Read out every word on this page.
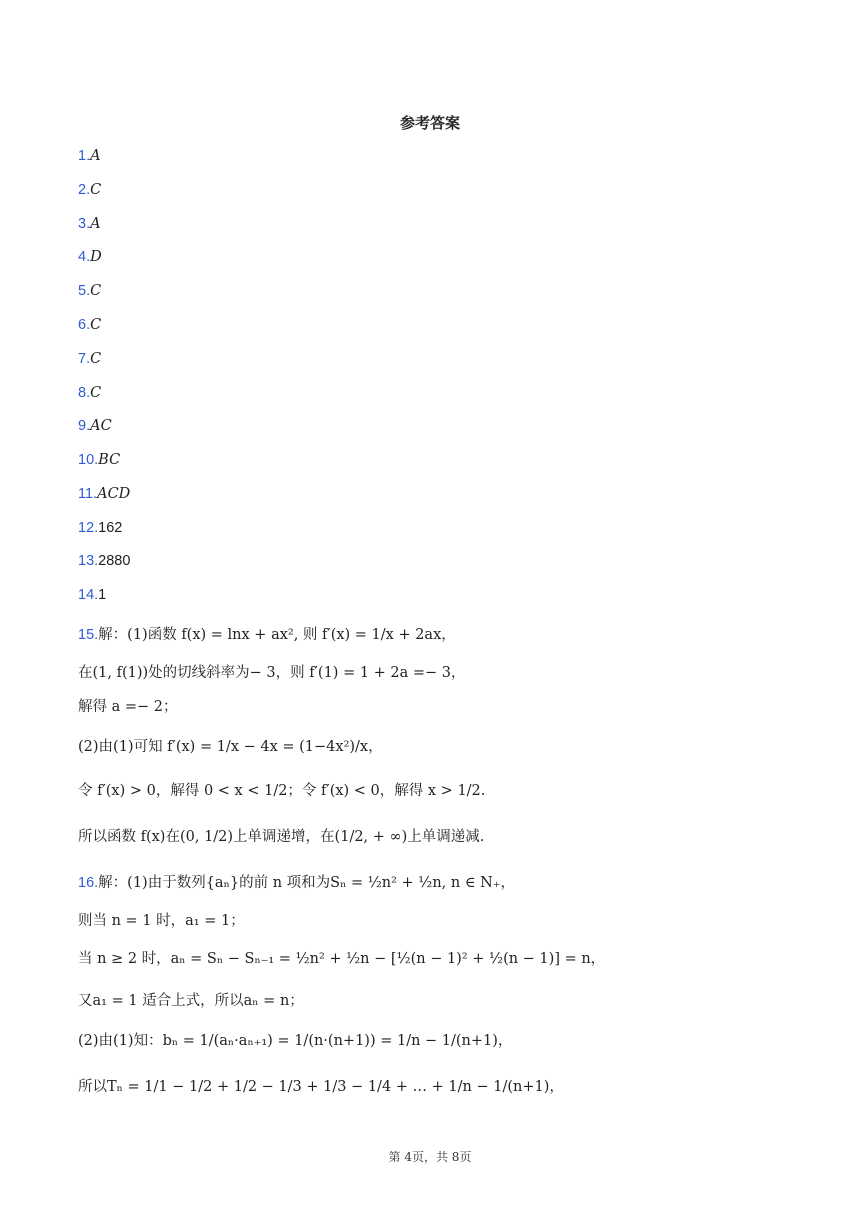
参考答案
1.A
2.C
3.A
4.D
5.C
6.C
7.C
8.C
9.AC
10.BC
11.ACD
12.162
13.2880
14.1
15.解：(1)函数 f(x) = lnx + ax², 则 f′(x) = 1/x + 2ax，
在(1, f(1))处的切线斜率为− 3，则 f′(1) = 1 + 2a =− 3，
解得 a =− 2；
(2)由(1)可知 f′(x) = 1/x − 4x = (1−4x²)/x，
令 f′(x) > 0，解得 0 < x < 1/2；令 f′(x) < 0，解得 x > 1/2.
所以函数 f(x)在(0, 1/2)上单调递增，在(1/2, + ∞)上单调递减.
16.解：(1)由于数列{aₙ}的前 n 项和为Sₙ = ½n² + ½n, n ∈ N₊，
则当 n = 1 时，a₁ = 1；
当 n ≥ 2 时，aₙ = Sₙ − Sₙ₋₁ = ½n² + ½n − [½(n − 1)² + ½(n − 1)] = n，
又a₁ = 1 适合上式，所以aₙ = n；
(2)由(1)知：bₙ = 1/(aₙ·aₙ₊₁) = 1/(n·(n+1)) = 1/n − 1/(n+1)，
所以Tₙ = 1/1 − 1/2 + 1/2 − 1/3 + 1/3 − 1/4 + … + 1/n − 1/(n+1)，
第 4页，共 8页
